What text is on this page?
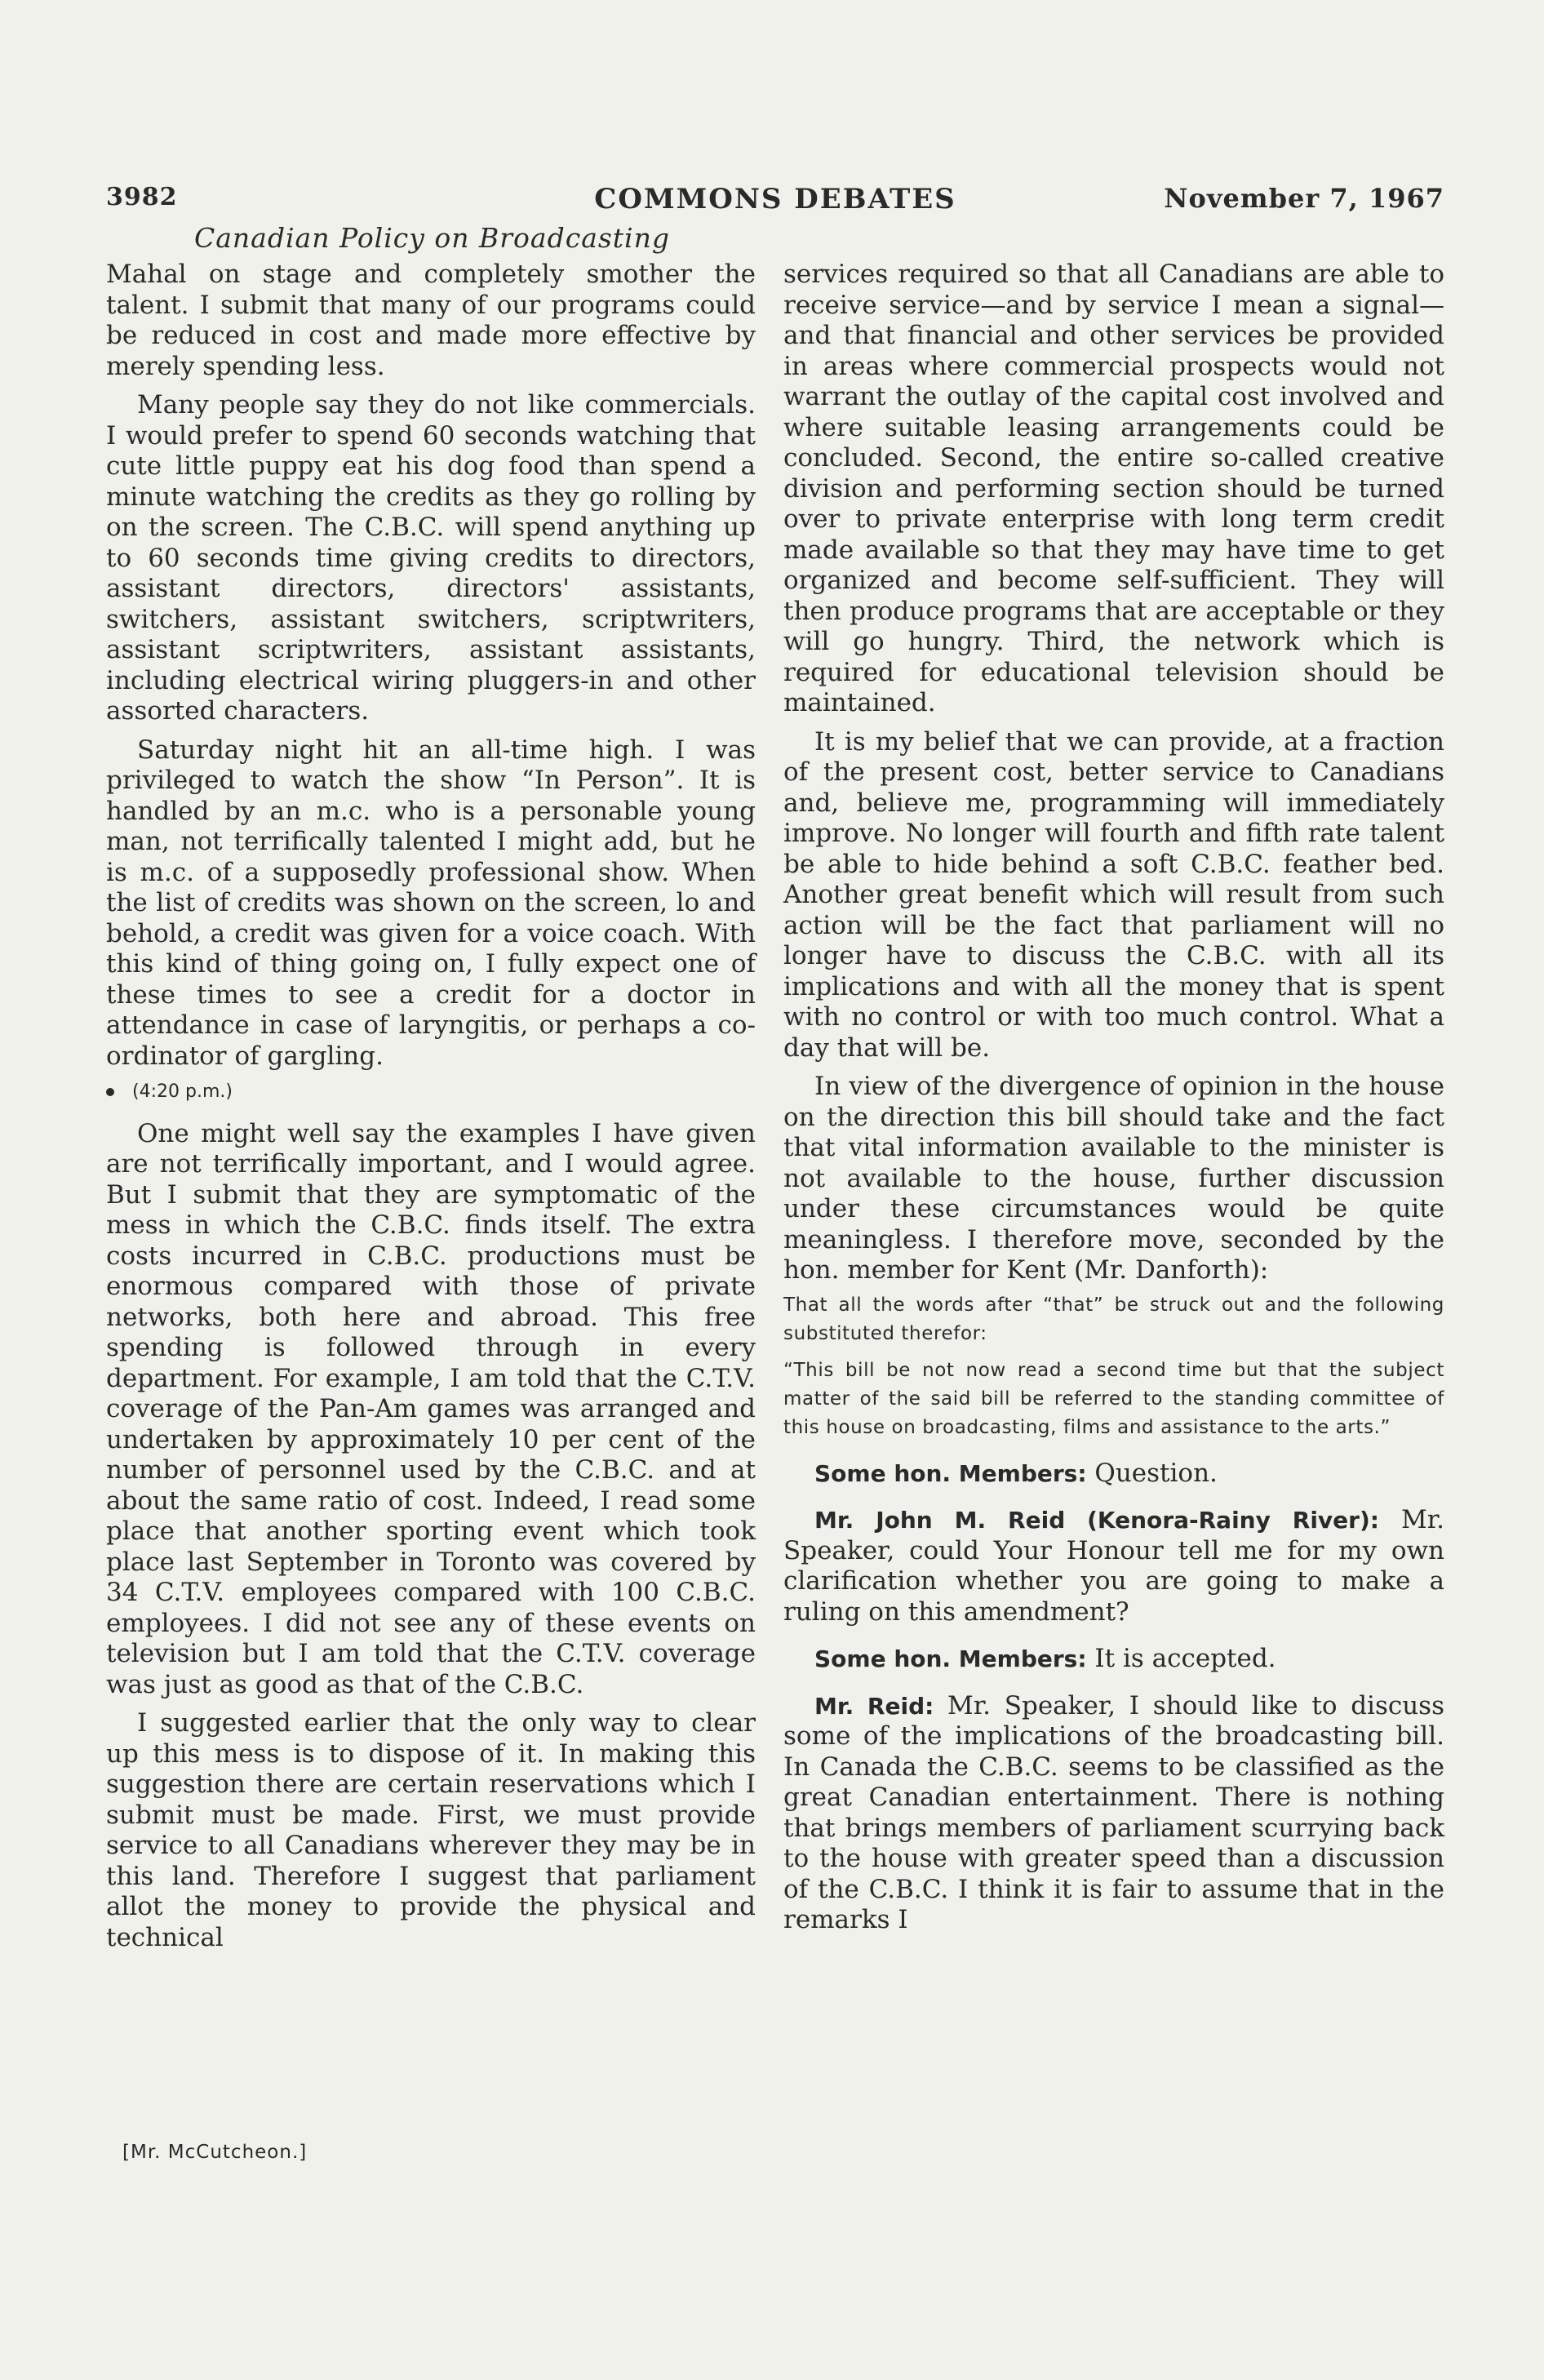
3982	COMMONS DEBATES	November 7, 1967
Canadian Policy on Broadcasting

Mahal on stage and completely smother the talent. I submit that many of our programs could be reduced in cost and made more effective by merely spending less.

Many people say they do not like commercials. I would prefer to spend 60 seconds watching that cute little puppy eat his dog food than spend a minute watching the credits as they go rolling by on the screen. The C.B.C. will spend anything up to 60 seconds time giving credits to directors, assistant directors, directors' assistants, switchers, assistant switchers, scriptwriters, assistant scriptwriters, assistant assistants, including electrical wiring pluggers-in and other assorted characters.

Saturday night hit an all-time high. I was privileged to watch the show “In Person”. It is handled by an m.c. who is a personable young man, not terrifically talented I might add, but he is m.c. of a supposedly professional show. When the list of credits was shown on the screen, lo and behold, a credit was given for a voice coach. With this kind of thing going on, I fully expect one of these times to see a credit for a doctor in attendance in case of laryngitis, or perhaps a co-ordinator of gargling.

(4:20 p.m.)

One might well say the examples I have given are not terrifically important, and I would agree. But I submit that they are symptomatic of the mess in which the C.B.C. finds itself. The extra costs incurred in C.B.C. productions must be enormous compared with those of private networks, both here and abroad. This free spending is followed through in every department. For example, I am told that the C.T.V. coverage of the Pan-Am games was arranged and undertaken by approximately 10 per cent of the number of personnel used by the C.B.C. and at about the same ratio of cost. Indeed, I read some place that another sporting event which took place last September in Toronto was covered by 34 C.T.V. employees compared with 100 C.B.C. employees. I did not see any of these events on television but I am told that the C.T.V. coverage was just as good as that of the C.B.C.

I suggested earlier that the only way to clear up this mess is to dispose of it. In making this suggestion there are certain reservations which I submit must be made. First, we must provide service to all Canadians wherever they may be in this land. Therefore I suggest that parliament allot the money to provide the physical and technical

services required so that all Canadians are able to receive service—and by service I mean a signal—and that financial and other services be provided in areas where commercial prospects would not warrant the outlay of the capital cost involved and where suitable leasing arrangements could be concluded. Second, the entire so-called creative division and performing section should be turned over to private enterprise with long term credit made available so that they may have time to get organized and become self-sufficient. They will then produce programs that are acceptable or they will go hungry. Third, the network which is required for educational television should be maintained.

It is my belief that we can provide, at a fraction of the present cost, better service to Canadians and, believe me, programming will immediately improve. No longer will fourth and fifth rate talent be able to hide behind a soft C.B.C. feather bed. Another great benefit which will result from such action will be the fact that parliament will no longer have to discuss the C.B.C. with all its implications and with all the money that is spent with no control or with too much control. What a day that will be.

In view of the divergence of opinion in the house on the direction this bill should take and the fact that vital information available to the minister is not available to the house, further discussion under these circumstances would be quite meaningless. I therefore move, seconded by the hon. member for Kent (Mr. Danforth):

That all the words after “that” be struck out and the following substituted therefor:

“This bill be not now read a second time but that the subject matter of the said bill be referred to the standing committee of this house on broadcasting, films and assistance to the arts.”

Some hon. Members: Question.

Mr. John M. Reid (Kenora-Rainy River): Mr. Speaker, could Your Honour tell me for my own clarification whether you are going to make a ruling on this amendment?

Some hon. Members: It is accepted.

Mr. Reid: Mr. Speaker, I should like to discuss some of the implications of the broadcasting bill. In Canada the C.B.C. seems to be classified as the great Canadian entertainment. There is nothing that brings members of parliament scurrying back to the house with greater speed than a discussion of the C.B.C. I think it is fair to assume that in the remarks I

[Mr. McCutcheon.]
